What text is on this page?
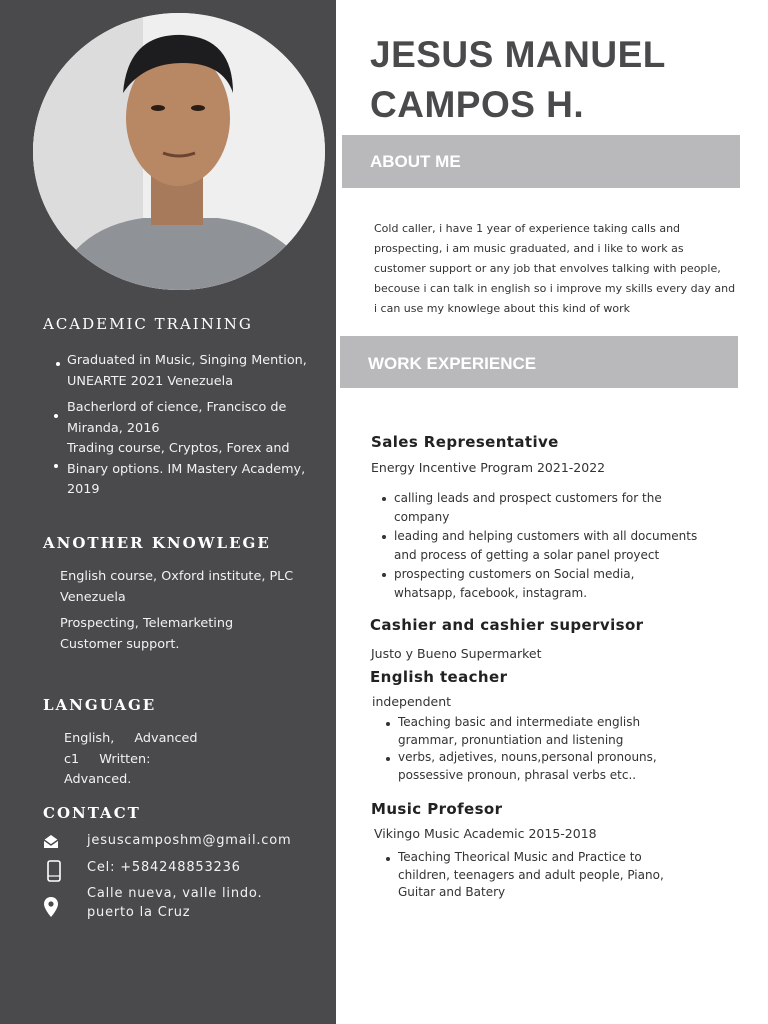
ACADEMIC TRAINING
Graduated in Music, Singing Mention, UNEARTE 2021 Venezuela
Bacherlord of cience, Francisco de Miranda, 2016
Trading course, Cryptos, Forex and Binary options. IM Mastery Academy, 2019
ANOTHER KNOWLEGE
English course, Oxford institute, PLC Venezuela
Prospecting, Telemarketing Customer support.
LANGUAGE
English, Advanced c1 Written: Advanced.
CONTACT
jesuscamposhm@gmail.com
Cel: +584248853236
Calle nueva, valle lindo. puerto la Cruz
JESUS MANUEL
CAMPOS H.
ABOUT ME

Cold caller, i have 1 year of experience taking calls and prospecting, i am music graduated, and i like to work as customer support or any job that envolves talking with people, becouse i can talk in english so i improve my skills every day and i can use my knowlege about this kind of work

WORK EXPERIENCE
Sales Representative

Energy Incentive Program 2021-2022

calling leads and prospect customers for the company
leading and helping customers with all documents and process of getting a solar panel proyect
prospecting customers on Social media, whatsapp, facebook, instagram.
Cashier and cashier supervisor

Justo y Bueno Supermarket

English teacher

independent

Teaching basic and intermediate english grammar, pronuntiation and listening
verbs, adjetives, nouns,personal pronouns, possessive pronoun, phrasal verbs etc..
Music Profesor

Vikingo Music Academic 2015-2018

Teaching Theorical Music and Practice to children, teenagers and adult people, Piano, Guitar and Batery
